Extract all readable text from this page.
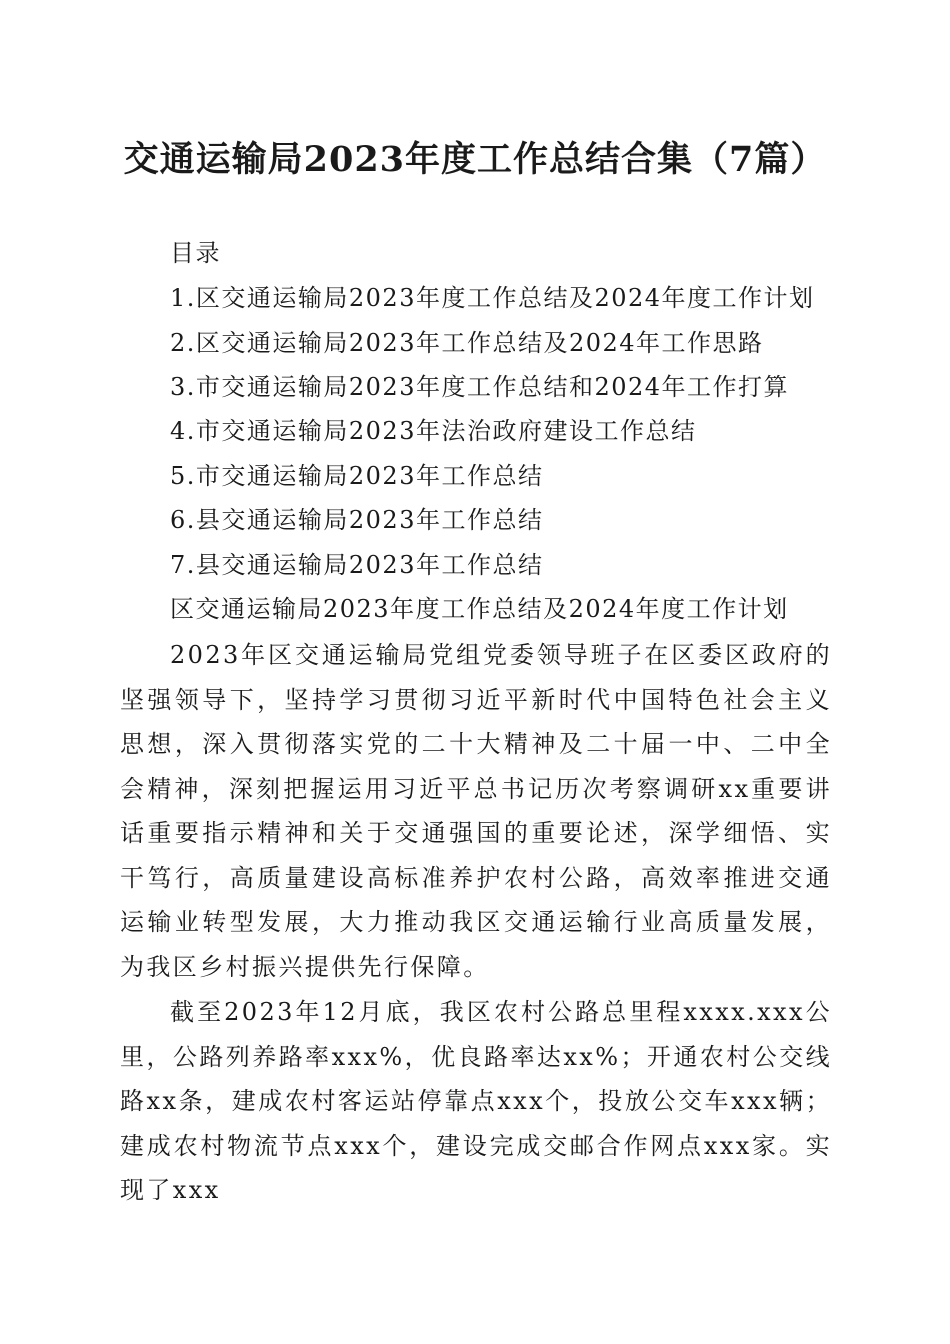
交通运输局2023年度工作总结合集（7篇）
目录
1.区交通运输局2023年度工作总结及2024年度工作计划
2.区交通运输局2023年工作总结及2024年工作思路
3.市交通运输局2023年度工作总结和2024年工作打算
4.市交通运输局2023年法治政府建设工作总结
5.市交通运输局2023年工作总结
6.县交通运输局2023年工作总结
7.县交通运输局2023年工作总结
区交通运输局2023年度工作总结及2024年度工作计划

2023年区交通运输局党组党委领导班子在区委区政府的坚强领导下，坚持学习贯彻习近平新时代中国特色社会主义思想，深入贯彻落实党的二十大精神及二十届一中、二中全会精神，深刻把握运用习近平总书记历次考察调研xx重要讲话重要指示精神和关于交通强国的重要论述，深学细悟、实干笃行，高质量建设高标准养护农村公路，高效率推进交通运输业转型发展，大力推动我区交通运输行业高质量发展，为我区乡村振兴提供先行保障。

截至2023年12月底，我区农村公路总里程xxxx.xxx公里，公路列养路率xxx%，优良路率达xx%；开通农村公交线路xx条，建成农村客运站停靠点xxx个，投放公交车xxx辆；建成农村物流节点xxx个，建设完成交邮合作网点xxx家。实现了xxx
